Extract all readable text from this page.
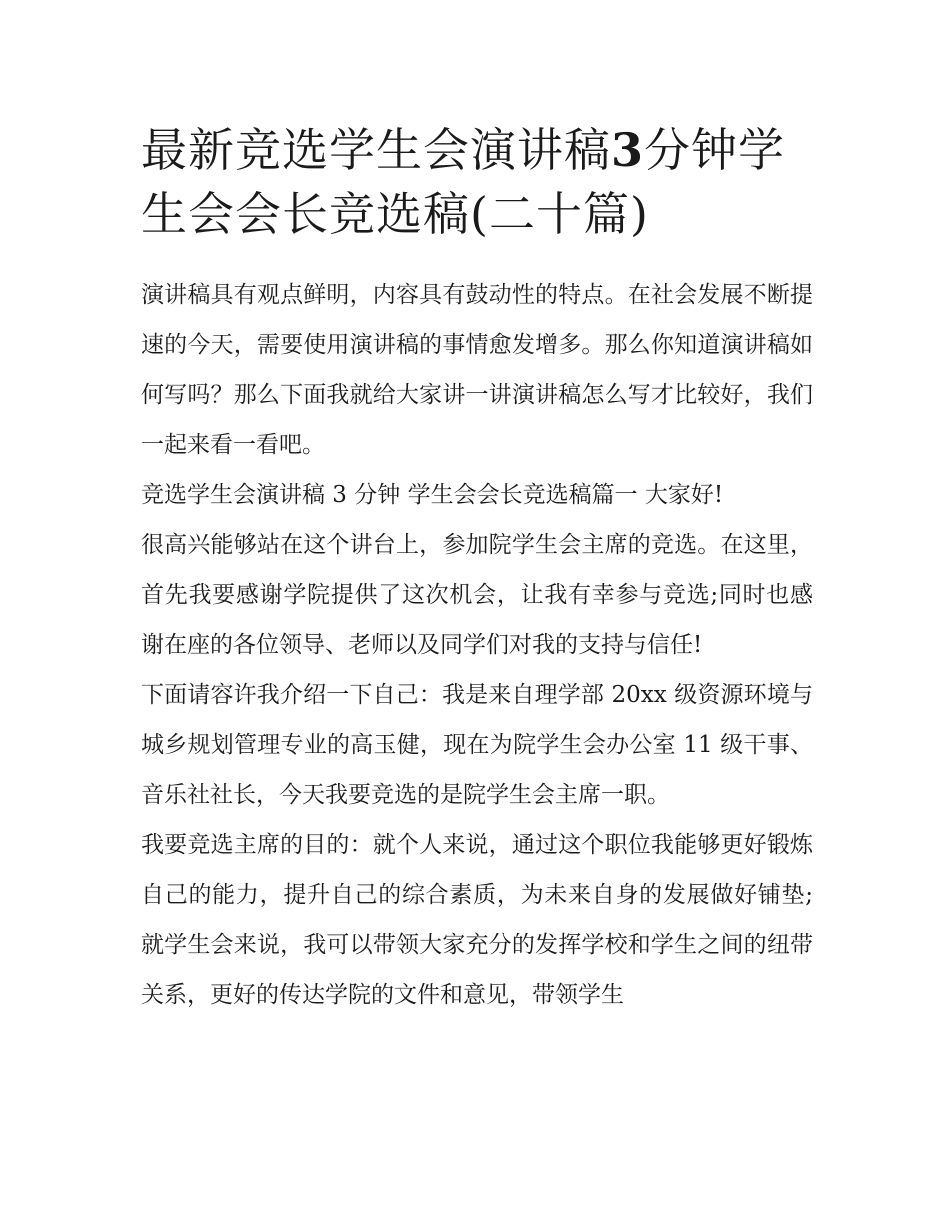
最新竞选学生会演讲稿3分钟学生会会长竞选稿(二十篇)

演讲稿具有观点鲜明，内容具有鼓动性的特点。在社会发展不断提速的今天，需要使用演讲稿的事情愈发增多。那么你知道演讲稿如何写吗？那么下面我就给大家讲一讲演讲稿怎么写才比较好，我们一起来看一看吧。

竞选学生会演讲稿 3 分钟 学生会会长竞选稿篇一 大家好!

很高兴能够站在这个讲台上，参加院学生会主席的竞选。在这里，首先我要感谢学院提供了这次机会，让我有幸参与竞选;同时也感谢在座的各位领导、老师以及同学们对我的支持与信任!

下面请容许我介绍一下自己：我是来自理学部 20xx 级资源环境与城乡规划管理专业的高玉健，现在为院学生会办公室 11 级干事、音乐社社长，今天我要竞选的是院学生会主席一职。

我要竞选主席的目的：就个人来说，通过这个职位我能够更好锻炼自己的能力，提升自己的综合素质，为未来自身的发展做好铺垫;就学生会来说，我可以带领大家充分的发挥学校和学生之间的纽带关系，更好的传达学院的文件和意见，带领学生
